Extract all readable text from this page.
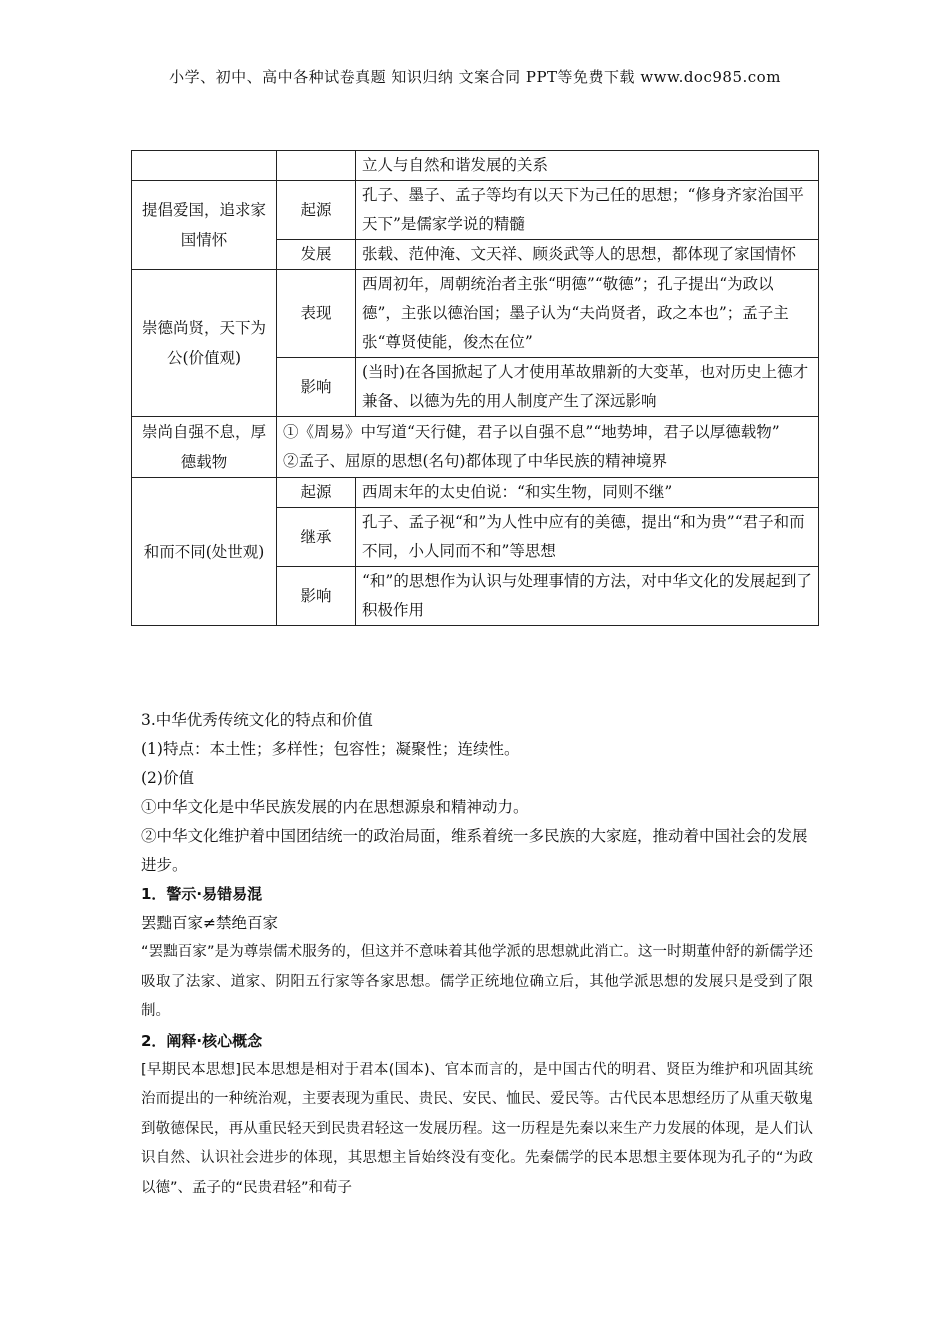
小学、初中、高中各种试卷真题 知识归纳 文案合同 PPT等免费下载 www.doc985.com
		立人与自然和谐发展的关系
提倡爱国，追求家国情怀	起源	孔子、墨子、孟子等均有以天下为己任的思想；“修身齐家治国平天下”是儒家学说的精髓
	发展	张载、范仲淹、文天祥、顾炎武等人的思想，都体现了家国情怀
崇德尚贤，天下为公(价值观)	表现	西周初年，周朝统治者主张“明德”“敬德”；孔子提出“为政以德”，主张以德治国；墨子认为“夫尚贤者，政之本也”；孟子主张“尊贤使能，俊杰在位”
	影响	(当时)在各国掀起了人才使用革故鼎新的大变革，也对历史上德才兼备、以德为先的用人制度产生了深远影响
崇尚自强不息，厚德载物	①《周易》中写道“天行健，君子以自强不息”“地势坤，君子以厚德载物”
②孟子、屈原的思想(名句)都体现了中华民族的精神境界	

和而不同(处世观)	起源	西周末年的太史伯说：“和实生物，同则不继”
	继承	孔子、孟子视“和”为人性中应有的美德，提出“和为贵”“君子和而不同，小人同而不和”等思想
	影响	“和”的思想作为认识与处理事情的方法，对中华文化的发展起到了积极作用

3.中华优秀传统文化的特点和价值

(1)特点：本土性；多样性；包容性；凝聚性；连续性。

(2)价值

①中华文化是中华民族发展的内在思想源泉和精神动力。

②中华文化维护着中国团结统一的政治局面，维系着统一多民族的大家庭，推动着中国社会的发展进步。

1．警示·易错易混

罢黜百家≠禁绝百家

“罢黜百家”是为尊崇儒术服务的，但这并不意味着其他学派的思想就此消亡。这一时期董仲舒的新儒学还吸取了法家、道家、阴阳五行家等各家思想。儒学正统地位确立后，其他学派思想的发展只是受到了限制。

2．阐释·核心概念

[早期民本思想]民本思想是相对于君本(国本)、官本而言的，是中国古代的明君、贤臣为维护和巩固其统治而提出的一种统治观，主要表现为重民、贵民、安民、恤民、爱民等。古代民本思想经历了从重天敬鬼到敬德保民，再从重民轻天到民贵君轻这一发展历程。这一历程是先秦以来生产力发展的体现，是人们认识自然、认识社会进步的体现，其思想主旨始终没有变化。先秦儒学的民本思想主要体现为孔子的“为政以德”、孟子的“民贵君轻”和荀子
